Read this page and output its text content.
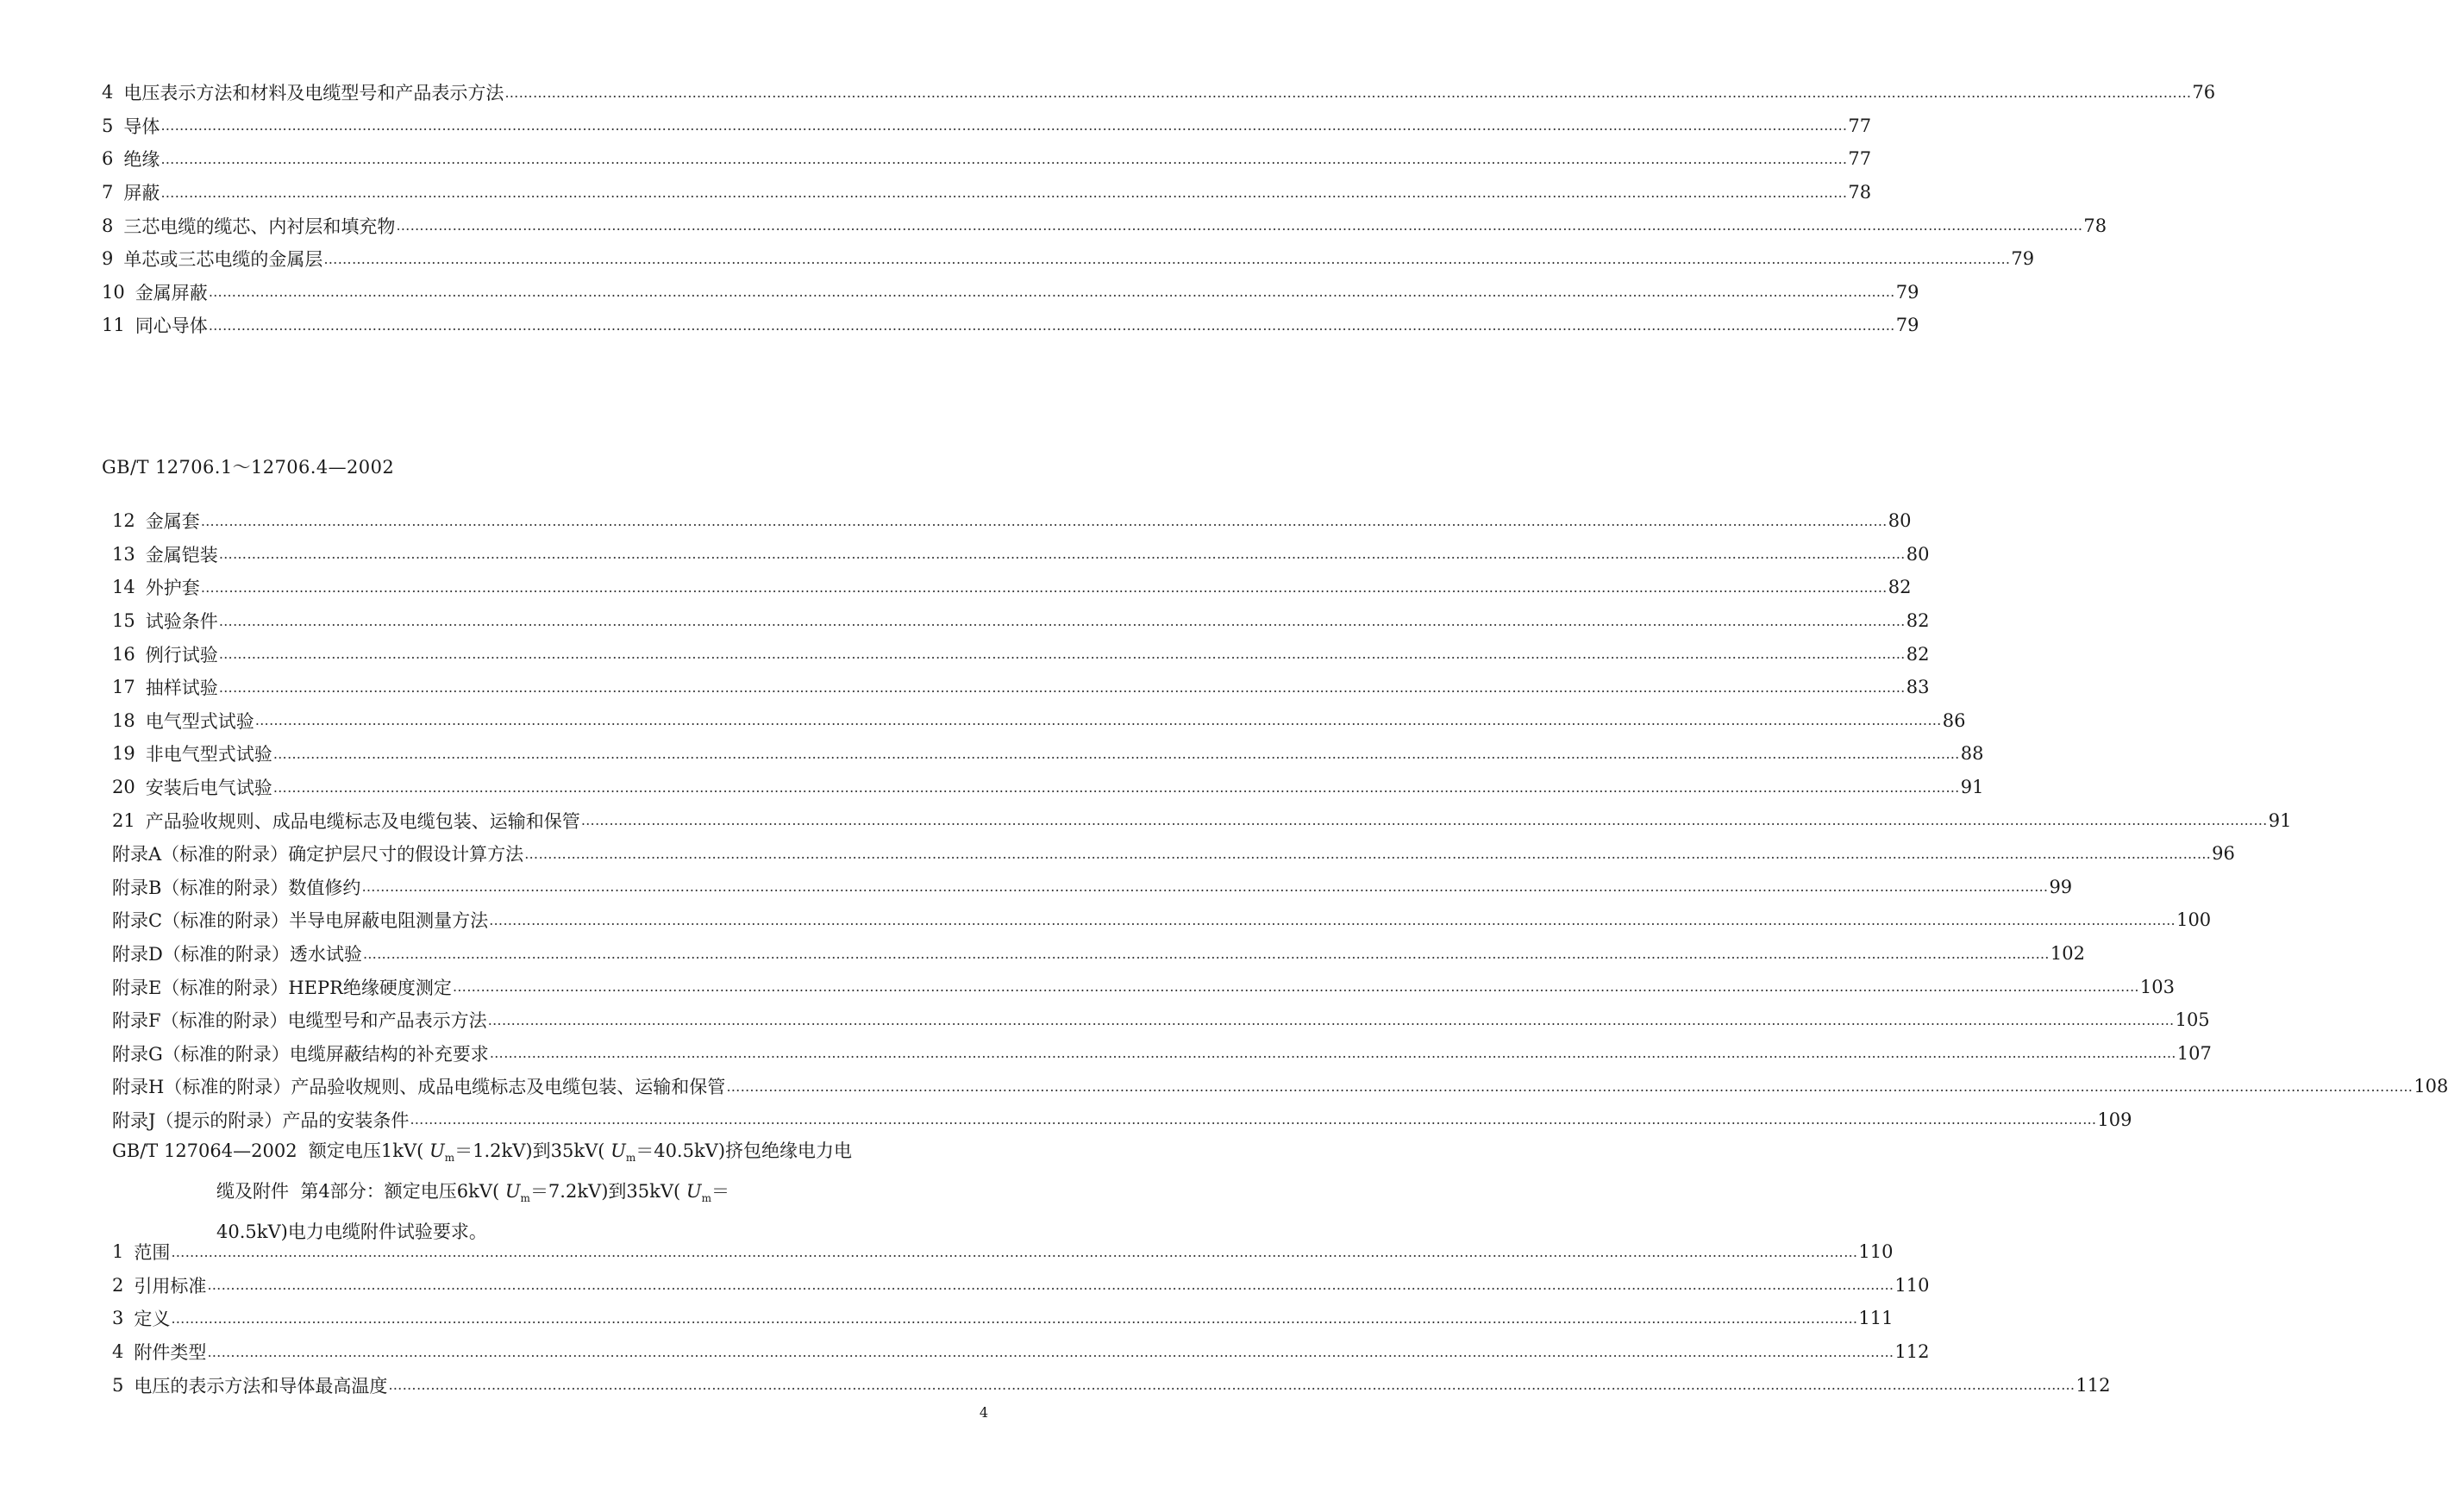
4 电压表示方法和材料及电缆型号和产品表示方法 ……………………………………………………………………………………………………………………………………………………………………………………………………………………………………………………………………………………………………………………………… 76
5 导体 ……………………………………………………………………………………………………………………………………………………………………………………………………………………………………………………………………………………………………………………………… 77
6 绝缘 ……………………………………………………………………………………………………………………………………………………………………………………………………………………………………………………………………………………………………………………………… 77
7 屏蔽 ……………………………………………………………………………………………………………………………………………………………………………………………………………………………………………………………………………………………………………………………… 78
8 三芯电缆的缆芯、内衬层和填充物 ……………………………………………………………………………………………………………………………………………………………………………………………………………………………………………………………………………………………………………………………… 78
9 单芯或三芯电缆的金属层 ……………………………………………………………………………………………………………………………………………………………………………………………………………………………………………………………………………………………………………………………… 79
10 金属屏蔽 ……………………………………………………………………………………………………………………………………………………………………………………………………………………………………………………………………………………………………………………………… 79
11 同心导体 ……………………………………………………………………………………………………………………………………………………………………………………………………………………………………………………………………………………………………………………………… 79
GB/T 12706.1～12706.4—2002
12 金属套 ……………………………………………………………………………………………………………………………………………………………………………………………………………………………………………………………………………………………………………………………… 80
13 金属铠装 ……………………………………………………………………………………………………………………………………………………………………………………………………………………………………………………………………………………………………………………………… 80
14 外护套 ……………………………………………………………………………………………………………………………………………………………………………………………………………………………………………………………………………………………………………………………… 82
15 试验条件 ……………………………………………………………………………………………………………………………………………………………………………………………………………………………………………………………………………………………………………………………… 82
16 例行试验 ……………………………………………………………………………………………………………………………………………………………………………………………………………………………………………………………………………………………………………………………… 82
17 抽样试验 ……………………………………………………………………………………………………………………………………………………………………………………………………………………………………………………………………………………………………………………………… 83
18 电气型式试验 ……………………………………………………………………………………………………………………………………………………………………………………………………………………………………………………………………………………………………………………………… 86
19 非电气型式试验 ……………………………………………………………………………………………………………………………………………………………………………………………………………………………………………………………………………………………………………………………… 88
20 安装后电气试验 ……………………………………………………………………………………………………………………………………………………………………………………………………………………………………………………………………………………………………………………………… 91
21 产品验收规则、成品电缆标志及电缆包装、运输和保管 ……………………………………………………………………………………………………………………………………………………………………………………………………………………………………………………………………………………………………………………………… 91
附录A（标准的附录）确定护层尺寸的假设计算方法 ……………………………………………………………………………………………………………………………………………………………………………………………………………………………………………………………………………………………………………………………… 96
附录B（标准的附录）数值修约 ……………………………………………………………………………………………………………………………………………………………………………………………………………………………………………………………………………………………………………………………… 99
附录C（标准的附录）半导电屏蔽电阻测量方法 ……………………………………………………………………………………………………………………………………………………………………………………………………………………………………………………………………………………………………………………………… 100
附录D（标准的附录）透水试验 ……………………………………………………………………………………………………………………………………………………………………………………………………………………………………………………………………………………………………………………………… 102
附录E（标准的附录）HEPR绝缘硬度测定 ……………………………………………………………………………………………………………………………………………………………………………………………………………………………………………………………………………………………………………………………… 103
附录F（标准的附录）电缆型号和产品表示方法 ……………………………………………………………………………………………………………………………………………………………………………………………………………………………………………………………………………………………………………………………… 105
附录G（标准的附录）电缆屏蔽结构的补充要求 ……………………………………………………………………………………………………………………………………………………………………………………………………………………………………………………………………………………………………………………………… 107
附录H（标准的附录）产品验收规则、成品电缆标志及电缆包装、运输和保管 ……………………………………………………………………………………………………………………………………………………………………………………………………………………………………………………………………………………………………………………………… 108
附录J（提示的附录）产品的安装条件 ……………………………………………………………………………………………………………………………………………………………………………………………………………………………………………………………………………………………………………………………… 109
GB/T 127064—2002  额定电压1kV( $U_m=1.2kV$)到35kV( $U_m=40.5kV$)挤包绝缘电力电
缆及附件  第4部分：额定电压6kV( $U_m=7.2kV$)到35kV( $U_m=$
40.5kV)电力电缆附件试验要求。
1 范围 ……………………………………………………………………………………………………………………………………………………………………………………………………………………………………………………………………………………………………………………………… 110
2 引用标准 ……………………………………………………………………………………………………………………………………………………………………………………………………………………………………………………………………………………………………………………………… 110
3 定义 ……………………………………………………………………………………………………………………………………………………………………………………………………………………………………………………………………………………………………………………………… 111
4 附件类型 ……………………………………………………………………………………………………………………………………………………………………………………………………………………………………………………………………………………………………………………………… 112
5 电压的表示方法和导体最高温度 ……………………………………………………………………………………………………………………………………………………………………………………………………………………………………………………………………………………………………………………………… 112
4
